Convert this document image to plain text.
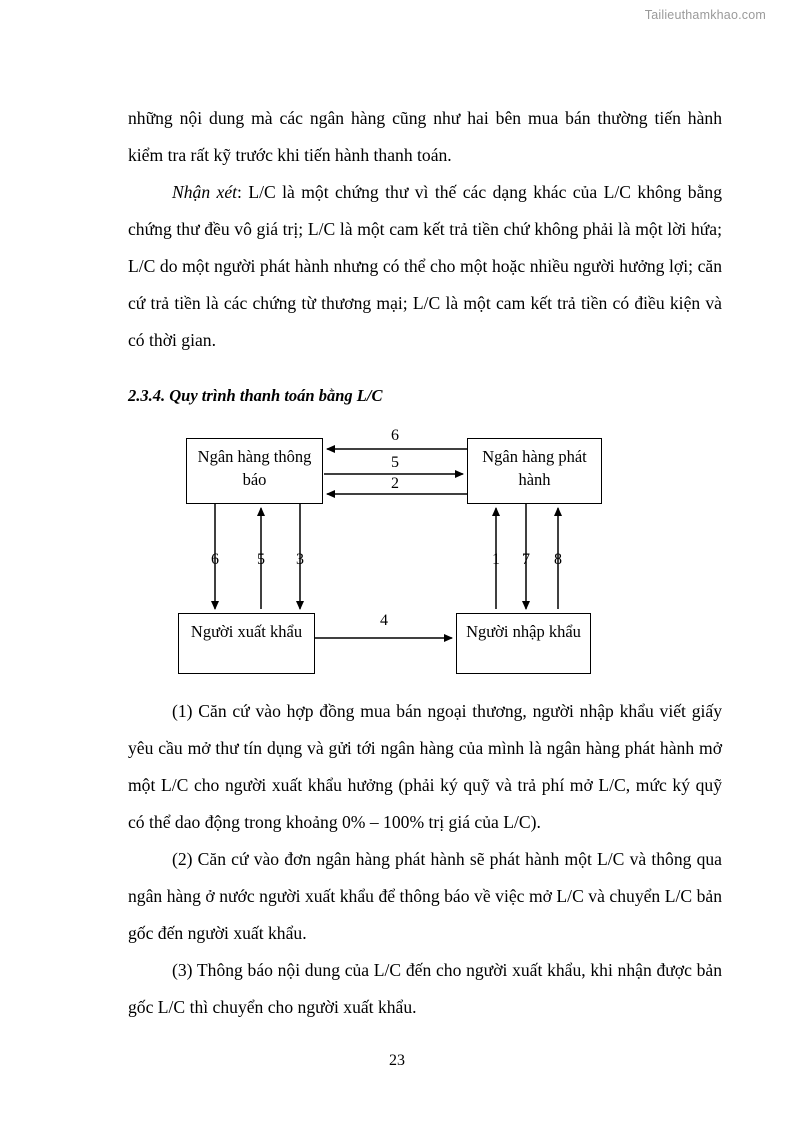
Tailieuthamkhao.com

những nội dung mà các ngân hàng cũng như hai bên mua bán thường tiến hành kiểm tra rất kỹ trước khi tiến hành thanh toán.

Nhận xét: L/C là một chứng thư vì thế các dạng khác của L/C không bằng chứng thư đều vô giá trị; L/C là một cam kết trả tiền chứ không phải là một lời hứa; L/C do một người phát hành nhưng có thể cho một hoặc nhiều người hưởng lợi; căn cứ trả tiền là các chứng từ thương mại; L/C là một cam kết trả tiền có điều kiện và có thời gian.

2.3.4. Quy trình thanh toán bằng L/C
Ngân hàng thông báo
Ngân hàng phát hành
Người xuất khẩu	Người nhập khẩu
6
5
2
6	5	3	1	7	8
4

(1) Căn cứ vào hợp đồng mua bán ngoại thương, người nhập khẩu viết giấy yêu cầu mở thư tín dụng và gửi tới ngân hàng của mình là ngân hàng phát hành mở một L/C cho người xuất khẩu hưởng (phải ký quỹ và trả phí mở L/C, mức ký quỹ có thể dao động trong khoảng 0% – 100% trị giá của L/C).

(2) Căn cứ vào đơn ngân hàng phát hành sẽ phát hành một L/C và thông qua ngân hàng ở nước người xuất khẩu để thông báo về việc mở L/C và chuyển L/C bản gốc đến người xuất khẩu.

(3) Thông báo nội dung của L/C đến cho người xuất khẩu, khi nhận được bản gốc L/C thì chuyển cho người xuất khẩu.

23
